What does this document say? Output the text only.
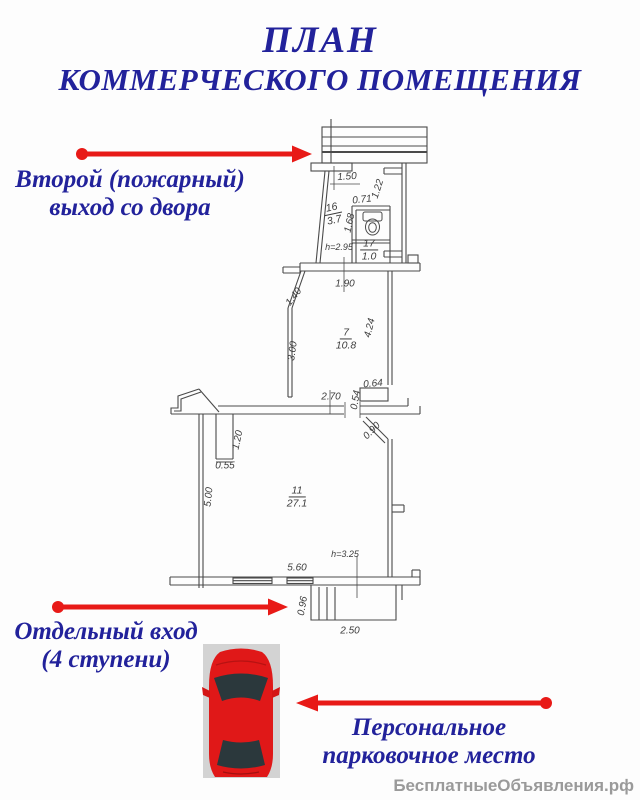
ПЛАН
КОММЕРЧЕСКОГО ПОМЕЩЕНИЯ
1.50
1.22
0.71
1.68
h=2.95
1.90
1.40
3.00
4.24
0.64
2.70 0.54
0.90
1.20
0.55
5.00
5.60
h=3.25
0.96
2.50
16
3.7
17
1.0
7
10.8
11
27.1
Второй (пожарный)
выход со двора
Отдельный вход
(4 ступени)
Персональное
парковочное место
БесплатныеОбъявления.рф
